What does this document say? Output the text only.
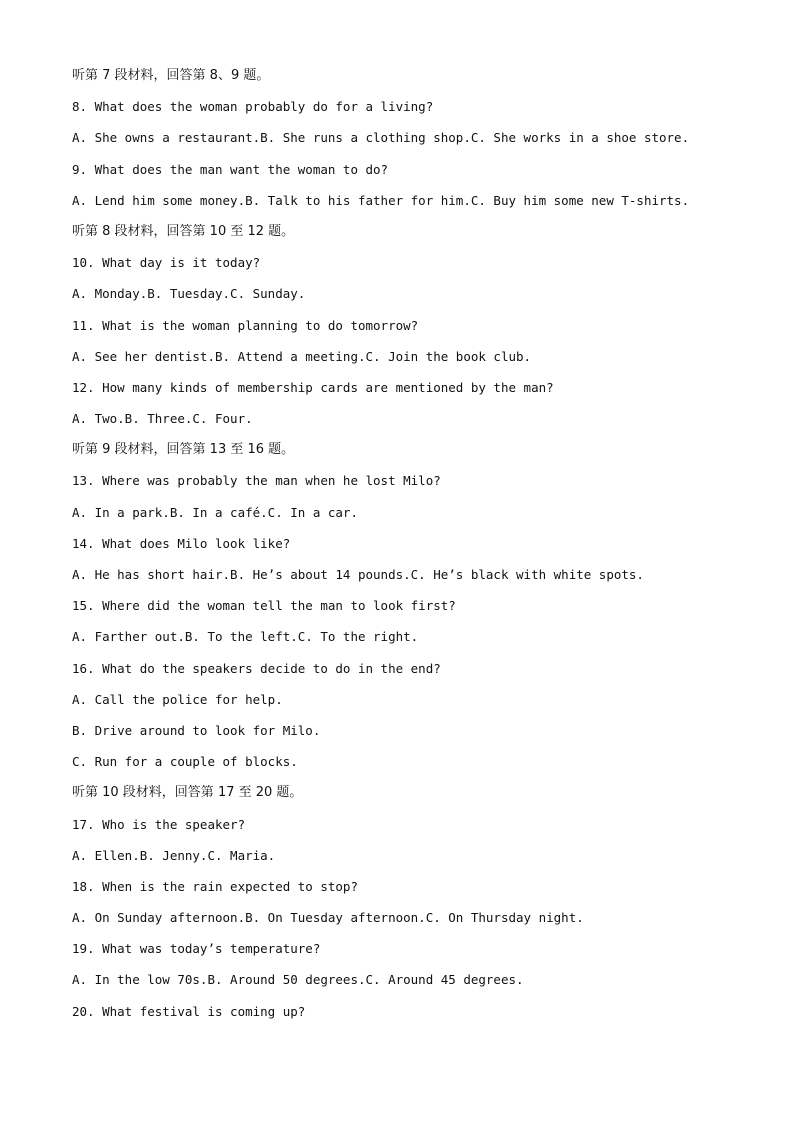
听第 7 段材料，回答第 8、9 题。
8. What does the woman probably do for a living?
A. She owns a restaurant.B. She runs a clothing shop.C. She works in a shoe store.
9. What does the man want the woman to do?
A. Lend him some money.B. Talk to his father for him.C. Buy him some new T-shirts.
听第 8 段材料，回答第 10 至 12 题。
10. What day is it today?
A. Monday.B. Tuesday.C. Sunday.
11. What is the woman planning to do tomorrow?
A. See her dentist.B. Attend a meeting.C. Join the book club.
12. How many kinds of membership cards are mentioned by the man?
A. Two.B. Three.C. Four.
听第 9 段材料，回答第 13 至 16 题。
13. Where was probably the man when he lost Milo?
A. In a park.B. In a café.C. In a car.
14. What does Milo look like?
A. He has short hair.B. He’s about 14 pounds.C. He’s black with white spots.
15. Where did the woman tell the man to look first?
A. Farther out.B. To the left.C. To the right.
16. What do the speakers decide to do in the end?
A. Call the police for help.
B. Drive around to look for Milo.
C. Run for a couple of blocks.
听第 10 段材料，回答第 17 至 20 题。
17. Who is the speaker?
A. Ellen.B. Jenny.C. Maria.
18. When is the rain expected to stop?
A. On Sunday afternoon.B. On Tuesday afternoon.C. On Thursday night.
19. What was today’s temperature?
A. In the low 70s.B. Around 50 degrees.C. Around 45 degrees.
20. What festival is coming up?
